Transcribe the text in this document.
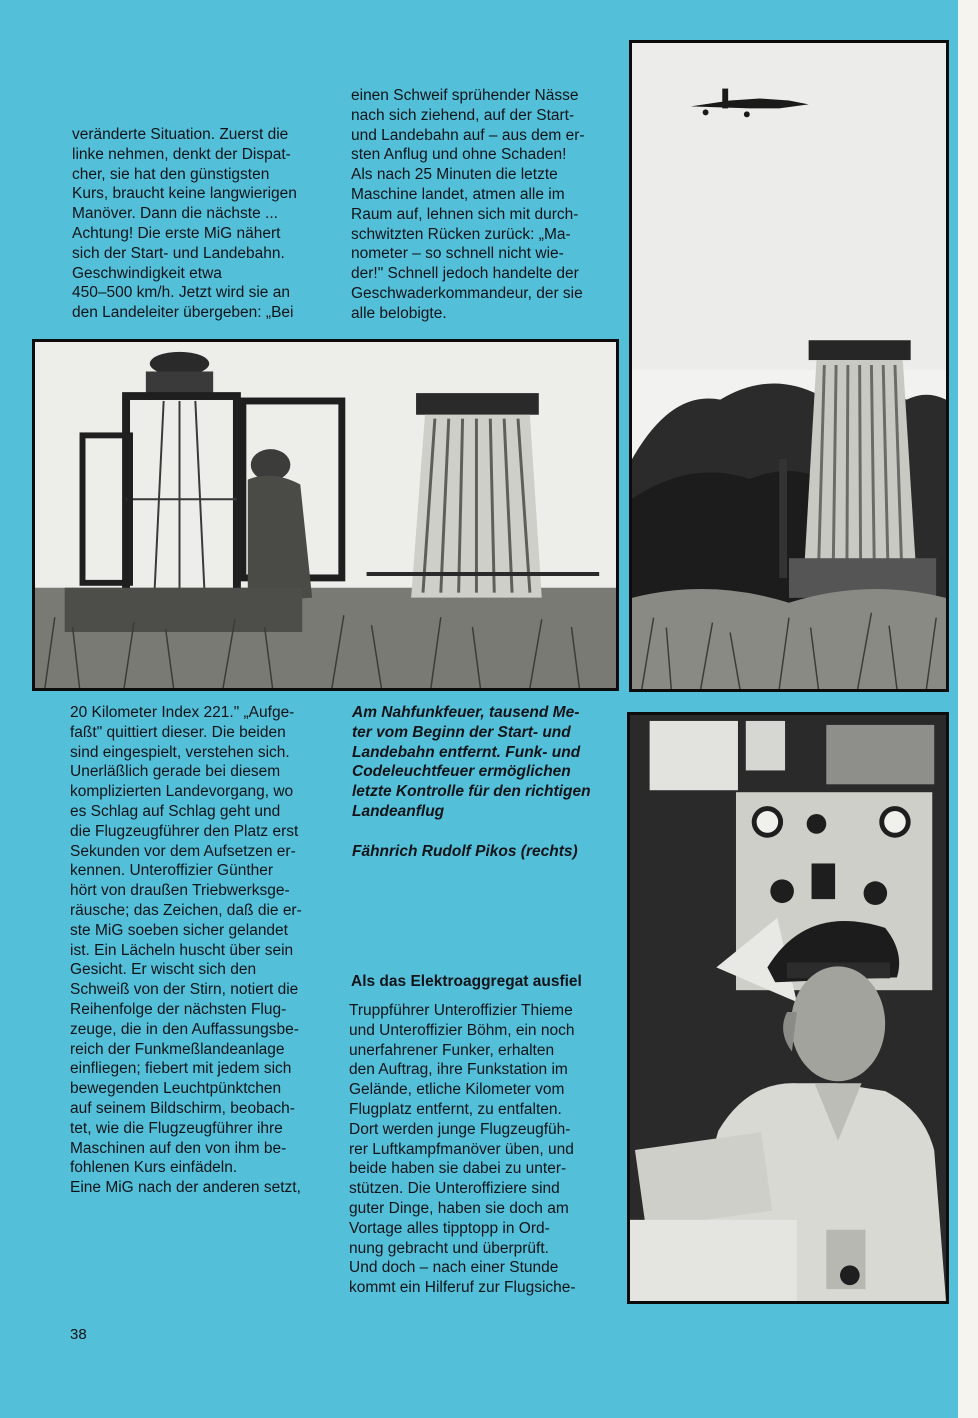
veränderte Situation. Zuerst die
linke nehmen, denkt der Dispat-
cher, sie hat den günstigsten
Kurs, braucht keine langwierigen
Manöver. Dann die nächste ...
Achtung! Die erste MiG nähert
sich der Start- und Landebahn.
Geschwindigkeit etwa
450–500 km/h. Jetzt wird sie an
den Landeleiter übergeben: „Bei
einen Schweif sprühender Nässe
nach sich ziehend, auf der Start-
und Landebahn auf – aus dem er-
sten Anflug und ohne Schaden!
Als nach 25 Minuten die letzte
Maschine landet, atmen alle im
Raum auf, lehnen sich mit durch-
schwitzten Rücken zurück: „Ma-
nometer – so schnell nicht wie-
der!" Schnell jedoch handelte der
Geschwaderkommandeur, der sie
alle belobigte.
20 Kilometer Index 221." „Aufge-
faßt" quittiert dieser. Die beiden
sind eingespielt, verstehen sich.
Unerläßlich gerade bei diesem
komplizierten Landevorgang, wo
es Schlag auf Schlag geht und
die Flugzeugführer den Platz erst
Sekunden vor dem Aufsetzen er-
kennen. Unteroffizier Günther
hört von draußen Triebwerksge-
räusche; das Zeichen, daß die er-
ste MiG soeben sicher gelandet
ist. Ein Lächeln huscht über sein
Gesicht. Er wischt sich den
Schweiß von der Stirn, notiert die
Reihenfolge der nächsten Flug-
zeuge, die in den Auffassungsbe-
reich der Funkmeßlandeanlage
einfliegen; fiebert mit jedem sich
bewegenden Leuchtpünktchen
auf seinem Bildschirm, beobach-
tet, wie die Flugzeugführer ihre
Maschinen auf den von ihm be-
fohlenen Kurs einfädeln.
Eine MiG nach der anderen setzt,
Am Nahfunkfeuer, tausend Me-
ter vom Beginn der Start- und
Landebahn entfernt. Funk- und
Codeleuchtfeuer ermöglichen
letzte Kontrolle für den richtigen
Landeanflug
Fähnrich Rudolf Pikos (rechts)
Als das Elektroaggregat ausfiel
Truppführer Unteroffizier Thieme
und Unteroffizier Böhm, ein noch
unerfahrener Funker, erhalten
den Auftrag, ihre Funkstation im
Gelände, etliche Kilometer vom
Flugplatz entfernt, zu entfalten.
Dort werden junge Flugzeugfüh-
rer Luftkampfmanöver üben, und
beide haben sie dabei zu unter-
stützen. Die Unteroffiziere sind
guter Dinge, haben sie doch am
Vortage alles tipptopp in Ord-
nung gebracht und überprüft.
Und doch – nach einer Stunde
kommt ein Hilferuf zur Flugsiche-
38
